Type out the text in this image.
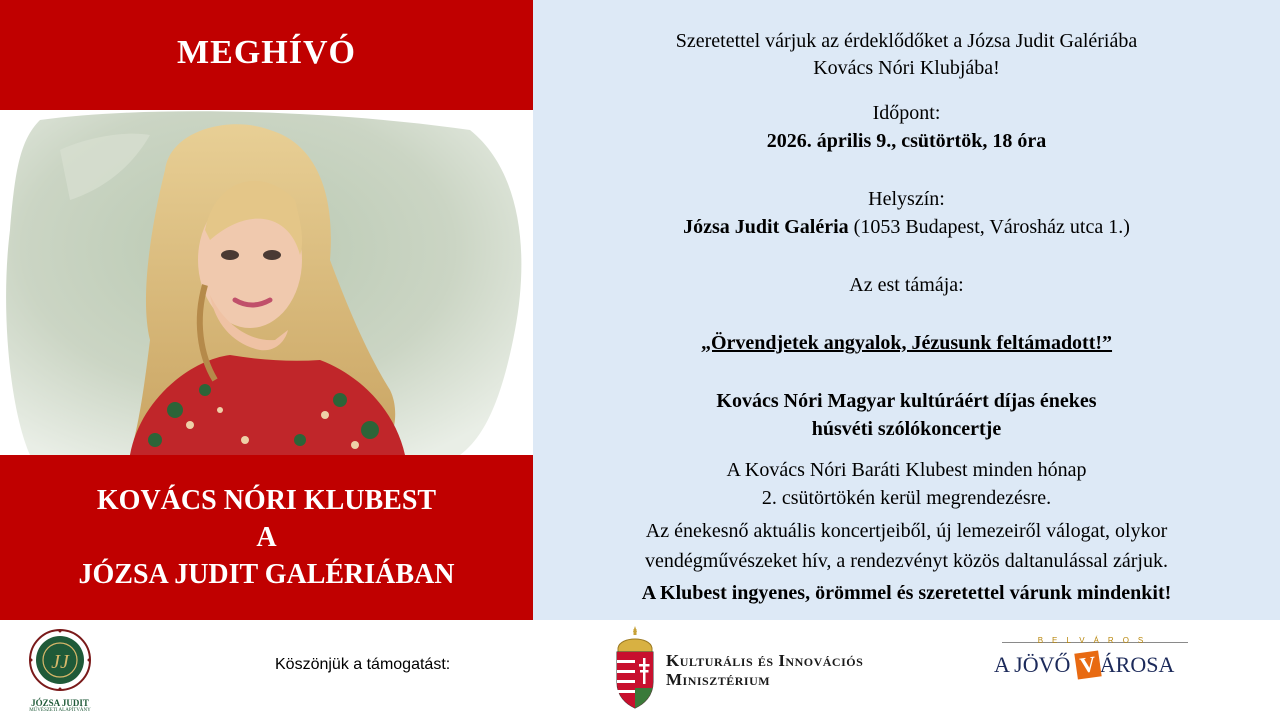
MEGHÍVÓ
KOVÁCS NÓRI KLUBEST
A
JÓZSA JUDIT GALÉRIÁBAN
Szeretettel várjuk az érdeklődőket a Józsa Judit Galériába
Kovács Nóri Klubjába!
Időpont:
2026. április 9., csütörtök, 18 óra
Helyszín:
Józsa Judit Galéria (1053 Budapest, Városház utca 1.)
Az est támája:
„Örvendjetek angyalok, Jézusunk feltámadott!”
Kovács Nóri Magyar kultúráért díjas énekes
húsvéti szólókoncertje
A Kovács Nóri Baráti Klubest minden hónap
2. csütörtökén kerül megrendezésre.
Az énekesnő aktuális koncertjeiből, új lemezeiről válogat, olykor
vendégművészeket hív, a rendezvényt közös daltanulással zárjuk.
A Klubest ingyenes, örömmel és szeretettel várunk mindenkit!
JJ
JÓZSA JUDIT
MŰVÉSZETI ALAPÍTVÁNY
Köszönjük a támogatást:	Kulturális és Innovációs
Minisztérium
BELVÁROS
A JÖVŐ V ÁROSA
